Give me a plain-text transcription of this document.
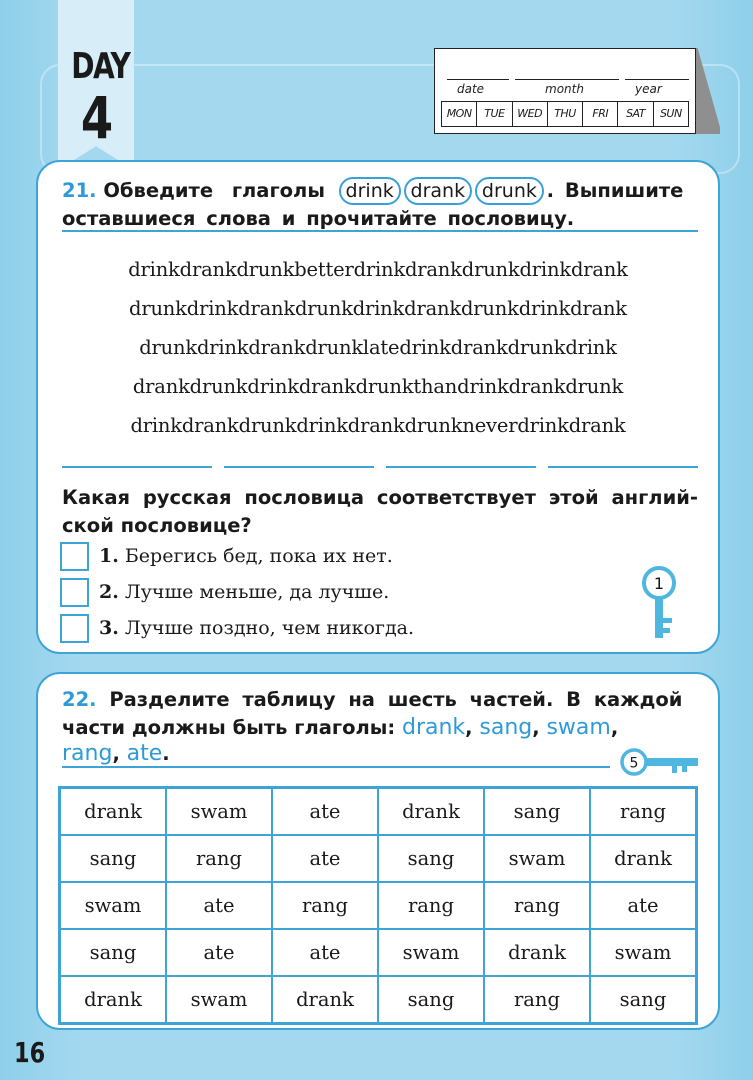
DAY
4	date	month	year
MON	TUE	WED	THU	FRI	SAT	SUN
21. Обведите глаголы drink drank drunk . Выпишите оставшиеся слова и прочитайте пословицу.
drinkdrankdrunkbetterdrinkdrankdrunkdrinkdrank
drunkdrinkdrankdrunkdrinkdrankdrunkdrinkdrank
drunkdrinkdrankdrunklatedrinkdrankdrunkdrink
drankdrunkdrinkdrankdrunkthandrinkdrankdrunk
drinkdrankdrunkdrinkdrankdrunkneverdrinkdrank
Какая русская пословица соответствует этой англий-ской пословице?
1. Берегись бед, пока их нет.
2. Лучше меньше, да лучше.
3. Лучше поздно, чем никогда.
1
22. Разделите таблицу на шесть частей. В каждой
части должны быть глаголы: drank, sang, swam,
rang, ate.	5
drank	swam	ate	drank	sang	rang
sang	rang	ate	sang	swam	drank
swam	ate	rang	rang	rang	ate
sang	ate	ate	swam	drank	swam
drank	swam	drank	sang	rang	sang
16
